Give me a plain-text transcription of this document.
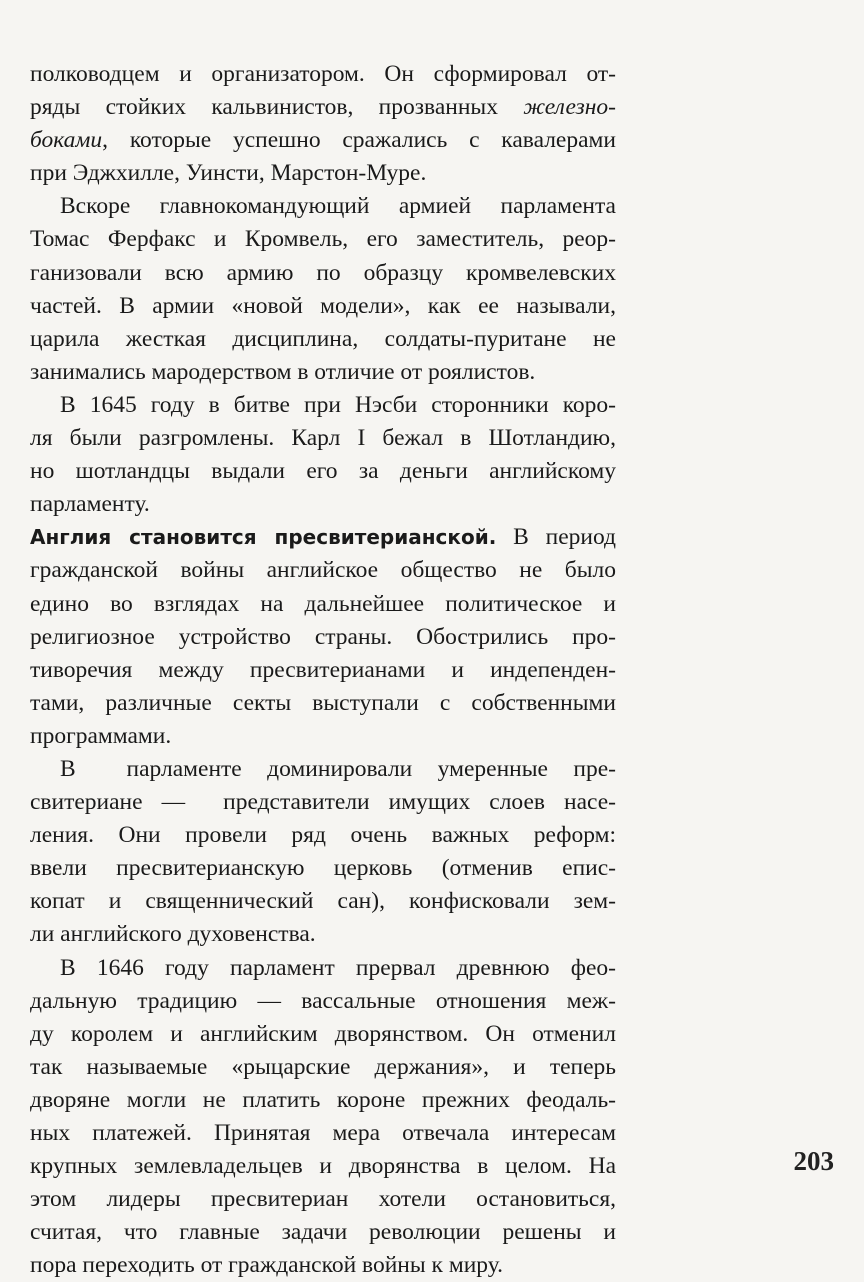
полководцем и организатором. Он сформировал от-
ряды стойких кальвинистов, прозванных железно-
боками, которые успешно сражались с кавалерами
при Эджхилле, Уинсти, Марстон-Муре.
Вскоре главнокомандующий армией парламента
Томас Ферфакс и Кромвель, его заместитель, реор-
ганизовали всю армию по образцу кромвелевских
частей. В армии «новой модели», как ее называли,
царила жесткая дисциплина, солдаты-пуритане не
занимались мародерством в отличие от роялистов.
В 1645 году в битве при Нэсби сторонники коро-
ля были разгромлены. Карл I бежал в Шотландию,
но шотландцы выдали его за деньги английскому
парламенту.
Англия становится пресвитерианской. В период
гражданской войны английское общество не было
едино во взглядах на дальнейшее политическое и
религиозное устройство страны. Обострились про-
тиворечия между пресвитерианами и индепенден-
тами, различные секты выступали с собственными
программами.
В  парламенте доминировали умеренные пре-
свитериане —  представители имущих слоев насе-
ления. Они провели ряд очень важных реформ:
ввели пресвитерианскую церковь (отменив епис-
копат и священнический сан), конфисковали зем-
ли английского духовенства.
В 1646 году парламент прервал древнюю фео-
дальную традицию — вассальные отношения меж-
ду королем и английским дворянством. Он отменил
так называемые «рыцарские держания», и теперь
дворяне могли не платить короне прежних феодаль-
ных платежей. Принятая мера отвечала интересам
крупных землевладельцев и дворянства в целом. На
этом лидеры пресвитериан хотели остановиться,
считая, что главные задачи революции решены и
пора переходить от гражданской войны к миру.
203
